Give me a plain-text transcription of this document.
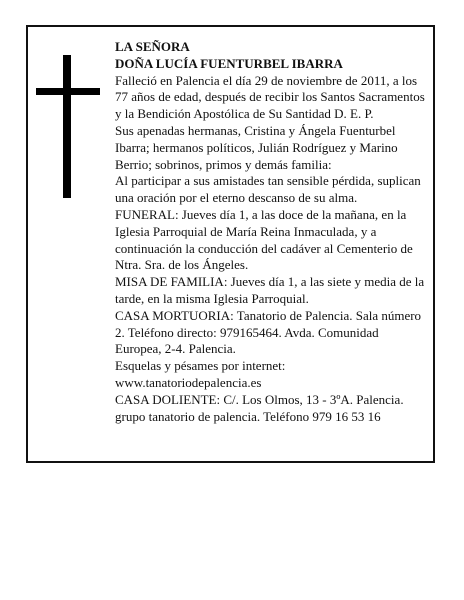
LA SEÑORA

DOÑA LUCÍA FUENTURBEL IBARRA

Falleció en Palencia el día 29 de noviembre de 2011, a los 77 años de edad, después de recibir los Santos Sacramentos y la Bendición Apostólica de Su Santidad D. E. P.

Sus apenadas hermanas, Cristina y Ángela Fuenturbel Ibarra; hermanos políticos, Julián Rodríguez y Marino Berrio; sobrinos, primos y demás familia:

Al participar a sus amistades tan sensible pérdida, suplican una oración por el eterno descanso de su alma.

FUNERAL: Jueves día 1, a las doce de la mañana, en la Iglesia Parroquial de María Reina Inmaculada, y a continuación la conducción del cadáver al Cementerio de Ntra. Sra. de los Ángeles.

MISA DE FAMILIA: Jueves día 1, a las siete y media de la tarde, en la misma Iglesia Parroquial.

CASA MORTUORIA: Tanatorio de Palencia. Sala número 2. Teléfono directo: 979165464. Avda. Comunidad Europea, 2-4. Palencia.

Esquelas y pésames por internet: www.tanatoriodepalencia.es

CASA DOLIENTE: C/. Los Olmos, 13 - 3ºA. Palencia.

grupo tanatorio de palencia. Teléfono 979 16 53 16
